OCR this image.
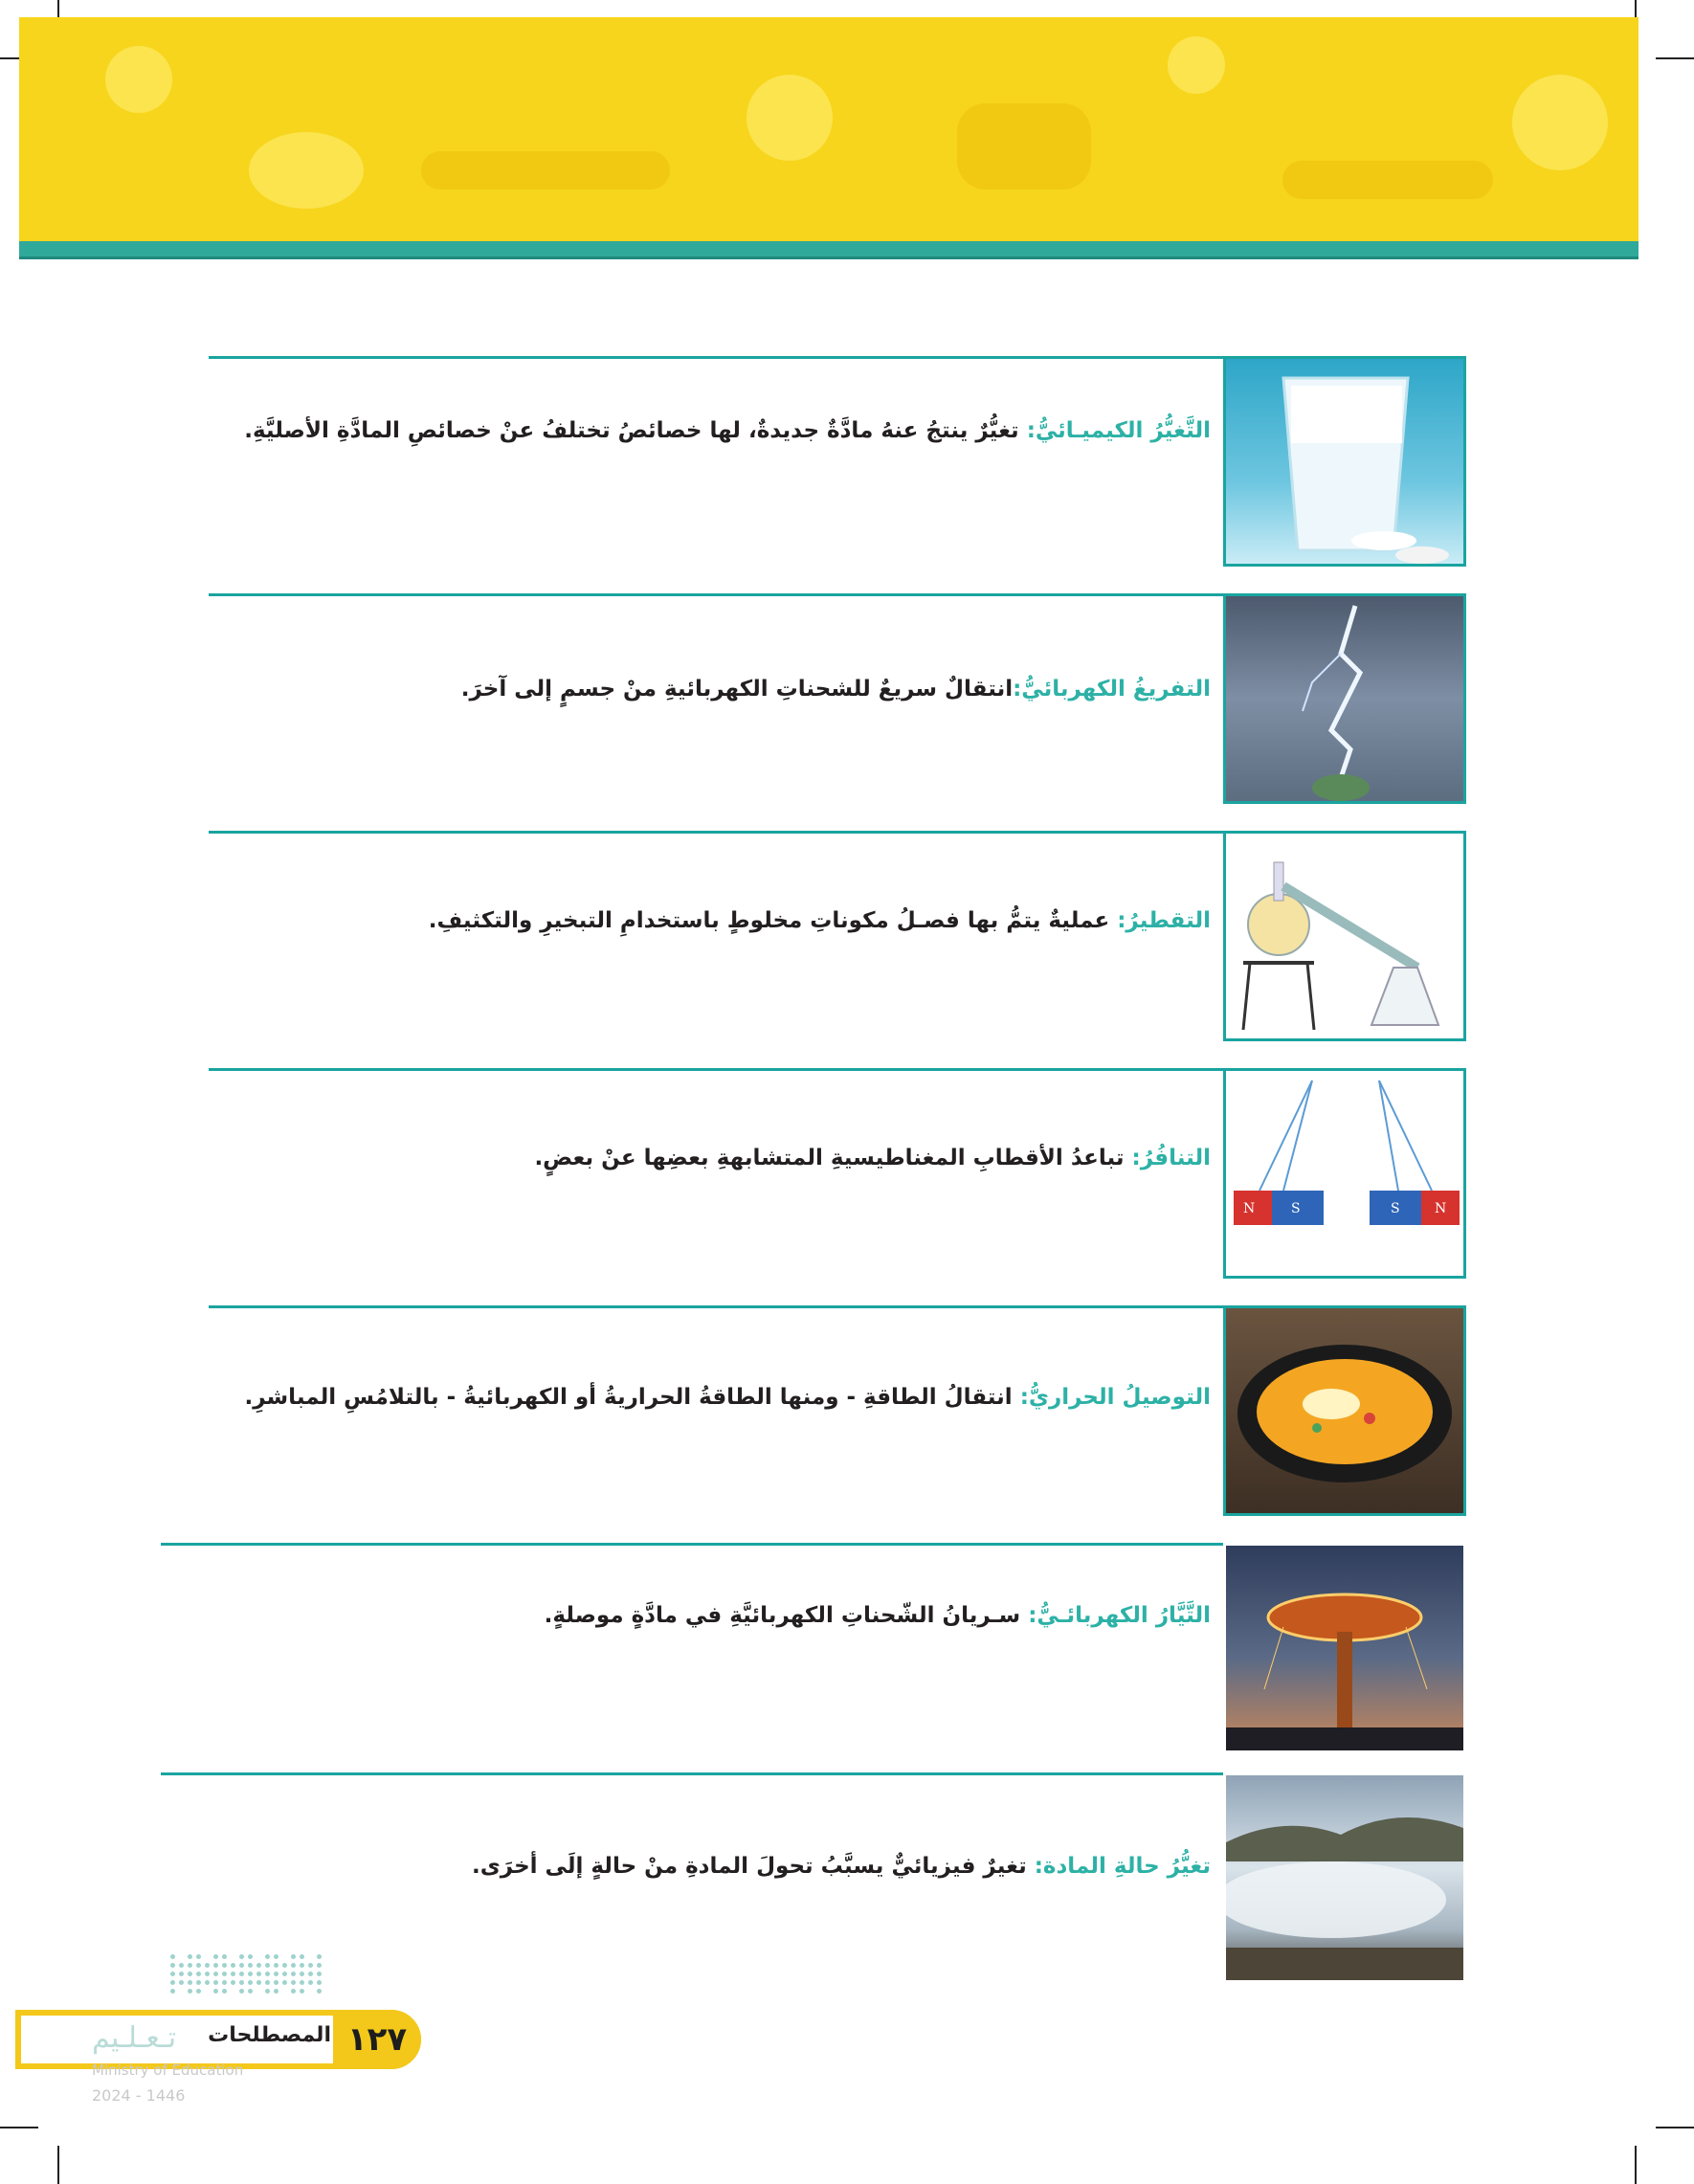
التَّغيُّرُ الكيميـائيُّ: تغيُّرٌ ينتجُ عنهُ مادَّةٌ جديدةٌ، لها خصائصُ تختلفُ عنْ خصائصِ المادَّةِ الأصليَّةِ.
التفريغُ الكهربائيُّ:انتقالٌ سريعٌ للشحناتِ الكهربائيةِ منْ جسمٍ إلى آخرَ.
التقطيرُ: عمليةٌ يتمُّ بها فصـلُ مكوناتِ مخلوطٍ باستخدامِ التبخيرِ والتكثيفِ.
التنافُرُ: تباعدُ الأقطابِ المغناطيسيةِ المتشابهةِ بعضِها عنْ بعضٍ.
N	S	S	N
التوصيلُ الحراريُّ: انتقالُ الطاقةِ - ومنها الطاقةُ الحراريةُ أو الكهربائيةُ - بالتلامُسِ المباشرِ.
التَّيَّارُ الكهربائـيُّ: سـريانُ الشّحناتِ الكهربائيَّةِ في مادَّةٍ موصلةٍ.
تغيُّرُ حالةِ المادة: تغيرٌ فيزيائيٌّ يسبَّبُ تحولَ المادةِ منْ حالةٍ إلَى أخرَى.
١٢٧
المصطلحات
تـعـلـيم
Ministry of Education
2024 - 1446
